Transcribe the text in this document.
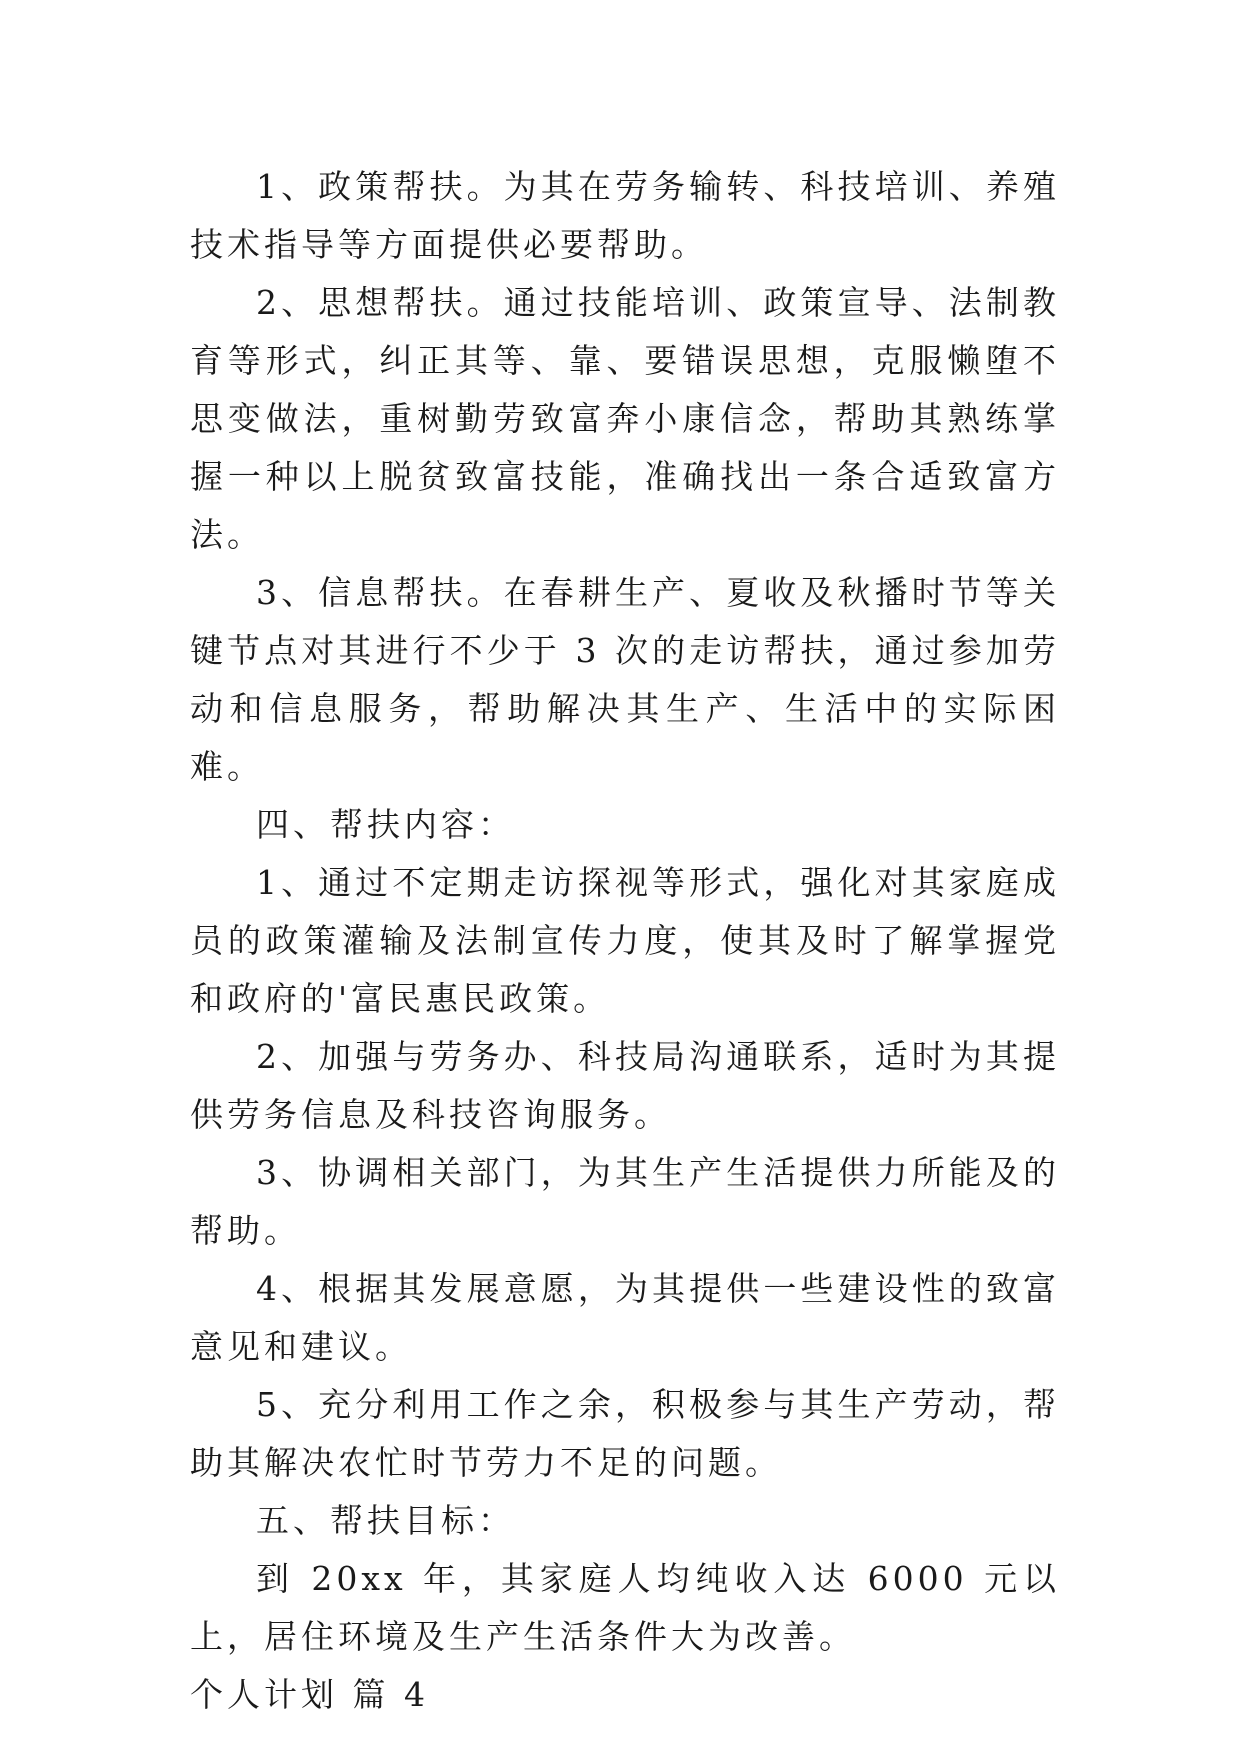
1、政策帮扶。为其在劳务输转、科技培训、养殖技术指导等方面提供必要帮助。

2、思想帮扶。通过技能培训、政策宣导、法制教育等形式，纠正其等、靠、要错误思想，克服懒堕不思变做法，重树勤劳致富奔小康信念，帮助其熟练掌握一种以上脱贫致富技能，准确找出一条合适致富方法。

3、信息帮扶。在春耕生产、夏收及秋播时节等关键节点对其进行不少于 3 次的走访帮扶，通过参加劳动和信息服务，帮助解决其生产、生活中的实际困难。

四、帮扶内容：

1、通过不定期走访探视等形式，强化对其家庭成员的政策灌输及法制宣传力度，使其及时了解掌握党和政府的'富民惠民政策。

2、加强与劳务办、科技局沟通联系，适时为其提供劳务信息及科技咨询服务。

3、协调相关部门，为其生产生活提供力所能及的帮助。

4、根据其发展意愿，为其提供一些建设性的致富意见和建议。

5、充分利用工作之余，积极参与其生产劳动，帮助其解决农忙时节劳力不足的问题。

五、帮扶目标：

到 20xx 年，其家庭人均纯收入达 6000 元以上，居住环境及生产生活条件大为改善。

个人计划 篇 4
